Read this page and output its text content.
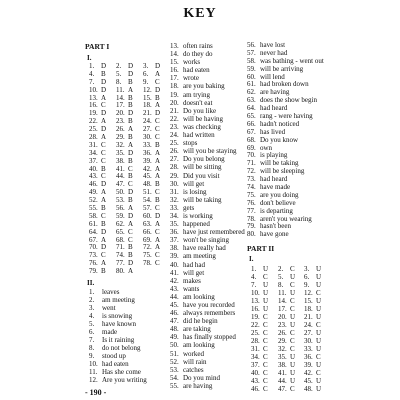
KEY
PART I
I.
1. D	2. D	3. D
4. B	5. D	6. A
7. D	8. B	9. C
10. D	11. A	12. D
13. A	14. B	15. B
16. C	17. B	18. A
19. D	20. D	21. D
22. A	23. B	24. C
25. D	26. A	27. C
28. A	29. B	30. C
31. C	32. A	33. B
34. C	35. D	36. A
37. C	38. B	39. A
40. B	41. C	42. A
43. C	44. B	45. A
46. D	47. C	48. B
49. A	50. D	51. C
52. A	53. B	54. B
55. B	56. A	57. C
58. C	59. D	60. D
61. B	62. A	63. A
64. D	65. C	66. C
67. A	68. C	69. A
70. D	71. B	72. A
73. C	74. B	75. C
76. A	77. D	78. C
79. B	80. A
II.
1. leaves
2. am meeting
3. went
4. is snowing
5. have known
6. made
7. Is it raining
8. do not belong
9. stood up
10. had eaten
11. Has she come
12. Are you writing
13. often rains
14. do they do
15. works
16. had eaten
17. wrote
18. are you baking
19. am trying
20. doesn't eat
21. Do you like
22. will be having
23. was checking
24. had written
25. stops
26. will you be staying
27. Do you belong
28. will be sitting
29. Did you visit
30. will get
31. is losing
32. will be taking
33. gets
34. is working
35. happened
36. have just remembered
37. won't be singing
38. have really had
39. am meeting
40. had had
41. will get
42. makes
43. wants
44. am looking
45. have you recorded
46. always remembers
47. did he begin
48. are taking
49. has finally stopped
50. am looking
51. worked
52. will rain
53. catches
54. Do you mind
55. are having
56. have lost
57. never had
58. was bathing - went out
59. will be arriving
60. will lend
61. had broken down
62. are having
63. does the show begin
64. had heard
65. rang - were having
66. hadn't noticed
67. has lived
68. Do you know
69. own
70. is playing
71. will be taking
72. will be sleeping
73. had heard
74. have made
75. are you doing
76. don't believe
77. is departing
78. aren't you wearing
79. hasn't been
80. have gone
PART II
I.
1. U	2. C	3. U
4. C	5. U	6. U
7. U	8. C	9. U
10. U	11. U	12. C
13. U	14. C	15. U
16. U	17. C	18. U
19. C	20. U	21. U
22. C	23. U	24. C
25. C	26. C	27. U
28. C	29. C	30. U
31. C	32. C	33. U
34. C	35. U	36. C
37. C	38. U	39. U
40. C	41. U	42. C
43. C	44. U	45. U
46. C	47. C	48. U
- 190 -
